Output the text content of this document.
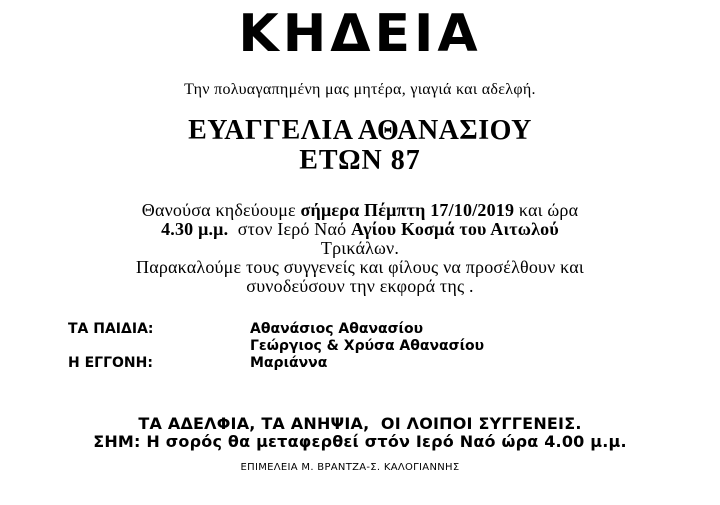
ΚΗΔΕΙΑ
Την πολυαγαπημένη μας μητέρα, γιαγιά και αδελφή.
ΕΥΑΓΓΕΛΙΑ ΑΘΑΝΑΣΙΟΥ
ΕΤΩΝ 87
Θανούσα κηδεύουμε σήμερα Πέμπτη 17/10/2019 και ώρα
4.30 μ.μ.  στον Ιερό Ναό Αγίου Κοσμά του Αιτωλού
Τρικάλων.
Παρακαλούμε τους συγγενείς και φίλους να προσέλθουν και
συνοδεύσουν την εκφορά της .
ΤΑ ΠΑΙΔΙΑ:	Αθανάσιος Αθανασίου
Γεώργιος & Χρύσα Αθανασίου
Η ΕΓΓΟΝΗ:	Μαριάννα
ΤΑ ΑΔΕΛΦΙΑ, ΤΑ ΑΝΗΨΙΑ,  ΟΙ ΛΟΙΠΟΙ ΣΥΓΓΕΝΕΙΣ.
ΣΗΜ: Η σορός θα μεταφερθεί στόν Ιερό Ναό ώρα 4.00 μ.μ.
ΕΠΙΜΕΛΕΙΑ Μ. ΒΡΑΝΤΖΑ-Σ. ΚΑΛΟΓΙΑΝΝΗΣ
